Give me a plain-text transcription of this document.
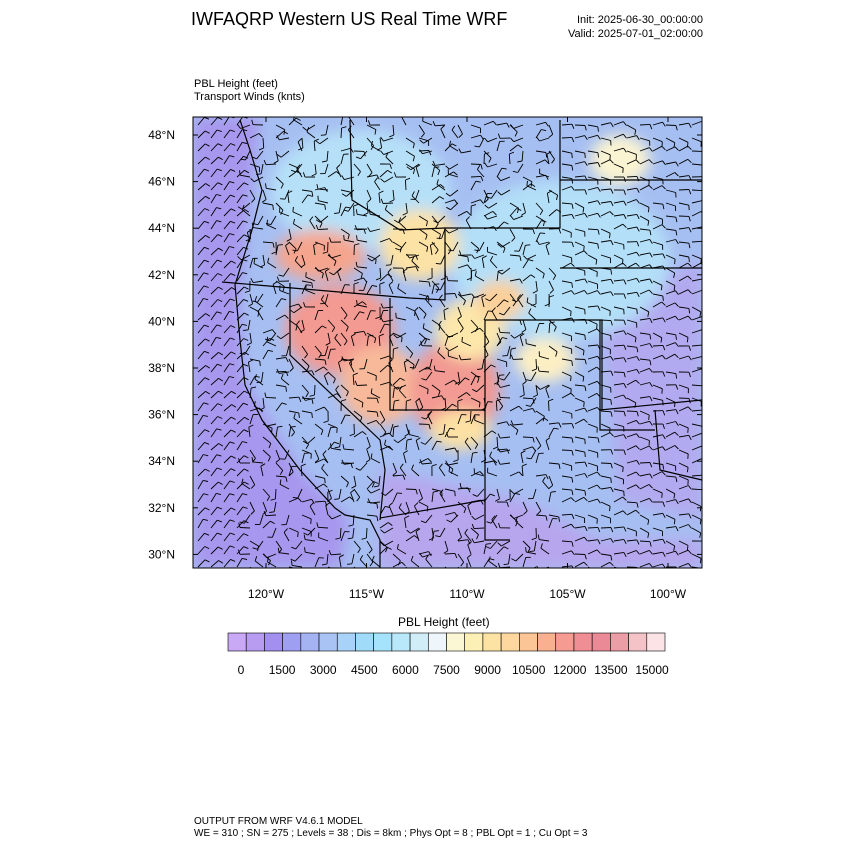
IWFAQRP Western US Real Time WRF	Init: 2025-06-30_00:00:00
Valid: 2025-07-01_02:00:00
PBL Height (feet)
Transport Winds (knts)
48°N
46°N
44°N
42°N
40°N
38°N
36°N
34°N
32°N
30°N
120°W	115°W	110°W	105°W	100°W
0 1500 3000 4500 6000 7500 9000 10500 12000 13500 15000
PBL Height (feet)
OUTPUT FROM WRF V4.6.1 MODEL
WE = 310 ; SN = 275 ; Levels = 38 ; Dis = 8km ; Phys Opt = 8 ; PBL Opt = 1 ; Cu Opt = 3
